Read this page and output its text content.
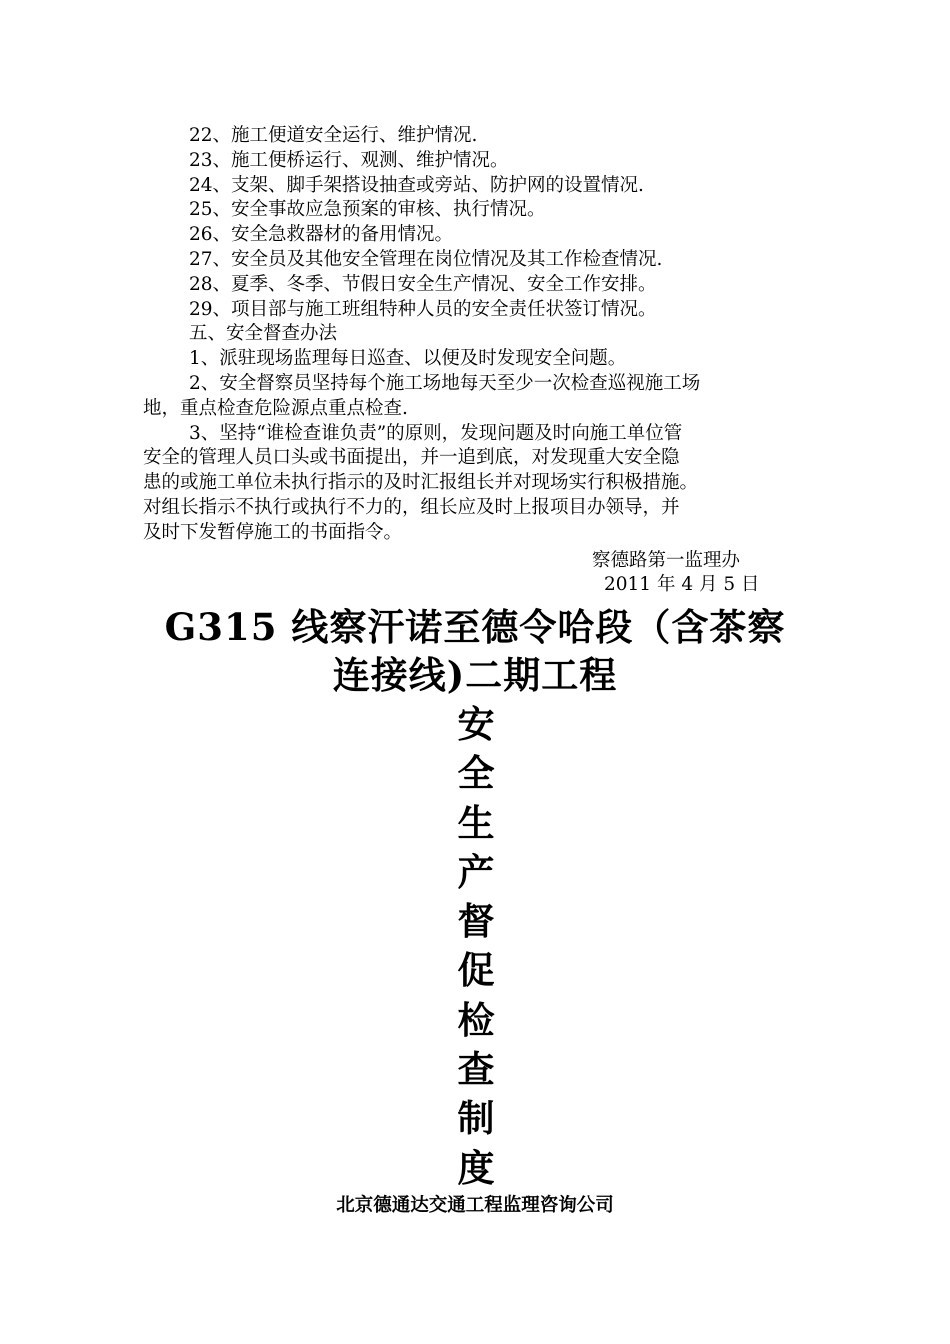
22、施工便道安全运行、维护情况.

23、施工便桥运行、观测、维护情况。

24、支架、脚手架搭设抽查或旁站、防护网的设置情况.

25、安全事故应急预案的审核、执行情况。

26、安全急救器材的备用情况。

27、安全员及其他安全管理在岗位情况及其工作检查情况.

28、夏季、冬季、节假日安全生产情况、安全工作安排。

29、项目部与施工班组特种人员的安全责任状签订情况。

五、安全督查办法

1、派驻现场监理每日巡查、以便及时发现安全问题。

2、安全督察员坚持每个施工场地每天至少一次检查巡视施工场

地，重点检查危险源点重点检查.

3、坚持“谁检查谁负责”的原则，发现问题及时向施工单位管

安全的管理人员口头或书面提出，并一追到底，对发现重大安全隐

患的或施工单位未执行指示的及时汇报组长并对现场实行积极措施。

对组长指示不执行或执行不力的，组长应及时上报项目办领导，并

及时下发暂停施工的书面指令。

察德路第一监理办
2011 年 4 月 5 日
G315 线察汗诺至德令哈段（含茶察
连接线)二期工程
安
全
生
产
督
促
检
查
制
度
北京德通达交通工程监理咨询公司
